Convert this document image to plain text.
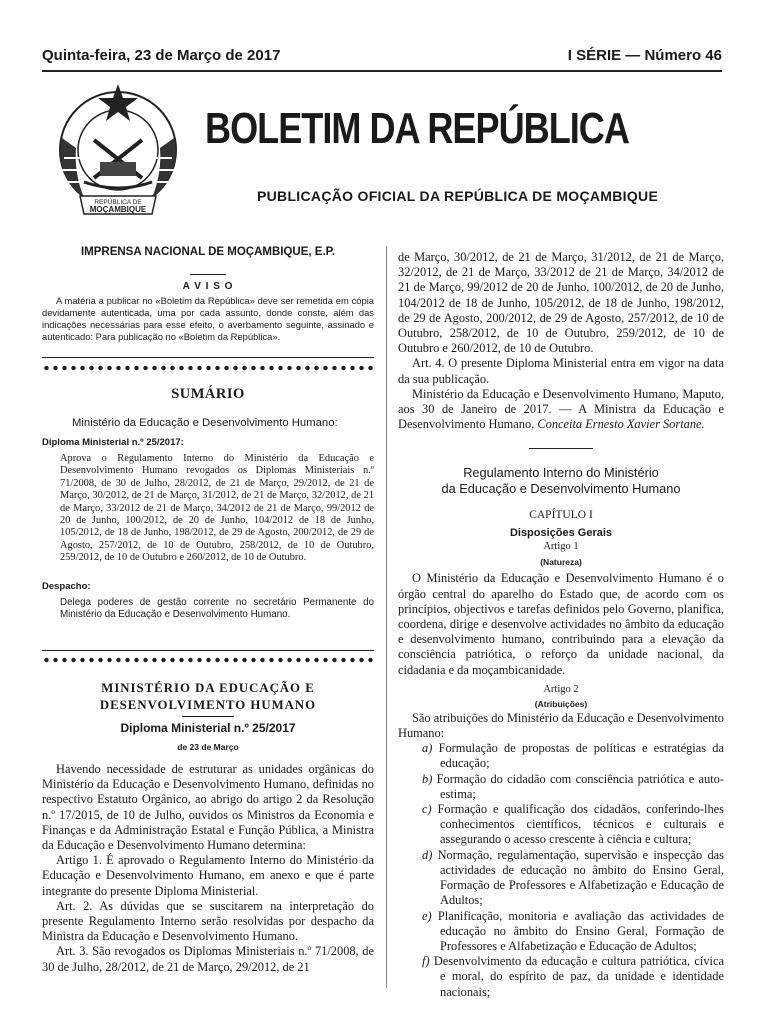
Quinta-feira, 23 de Março de 2017	I SÉRIE — Número 46
REPÚBLICA DE
MOÇAMBIQUE
BOLETIM DA REPÚBLICA
PUBLICAÇÃO OFICIAL DA REPÚBLICA DE MOÇAMBIQUE
IMPRENSA NACIONAL DE MOÇAMBIQUE, E.P.
A V I S O

A matéria a publicar no «Boletim da República» deve ser remetida em cópia devidamente autenticada, uma por cada assunto, donde conste, além das indicações necessárias para esse efeito, o averbamento seguinte, assinado e autenticado: Para publicação no «Boletim da República».

SUMÁRIO
Ministério da Educação e Desenvolvimento Humano:
Diploma Ministerial n.º 25/2017:

Aprova o Regulamento Interno do Ministério da Educação e Desenvolvimento Humano revogados os Diplomas Ministeriais n.º 71/2008, de 30 de Julho, 28/2012, de 21 de Março, 29/2012, de 21 de Março, 30/2012, de 21 de Março, 31/2012, de 21 de Março, 32/2012, de 21 de Março, 33/2012 de 21 de Março, 34/2012 de 21 de Março, 99/2012 de 20 de Junho, 100/2012, de 20 de Junho, 104/2012 de 18 de Junho, 105/2012, de 18 de Junho, 198/2012, de 29 de Agosto, 200/2012, de 29 de Agosto, 257/2012, de 10 de Outubro, 258/2012, de 10 de Outubro, 259/2012, de 10 de Outubro e 260/2012, de 10 de Outubro.

Despacho:

Delega poderes de gestão corrente no secretário Permanente do Ministério da Educação e Desenvolvimento Humano.

MINISTÉRIO DA EDUCAÇÃO E DESENVOLVIMENTO HUMANO
Diploma Ministerial n.º 25/2017
de 23 de Março

Havendo necessidade de estruturar as unidades orgânicas do Ministério da Educação e Desenvolvimento Humano, definidas no respectivo Estatuto Orgânico, ao abrigo do artigo 2 da Resolução n.º 17/2015, de 10 de Julho, ouvidos os Ministros da Economia e Finanças e da Administração Estatal e Função Pública, a Ministra da Educação e Desenvolvimento Humano determina:

Artigo 1. É aprovado o Regulamento Interno do Ministério da Educação e Desenvolvimento Humano, em anexo e que é parte integrante do presente Diploma Ministerial.

Art. 2. As dúvidas que se suscitarem na interpretação do presente Regulamento Interno serão resolvidas por despacho da Ministra da Educação e Desenvolvimento Humano.

Art. 3. São revogados os Diplomas Ministeriais n.º 71/2008, de 30 de Julho, 28/2012, de 21 de Março, 29/2012, de 21

de Março, 30/2012, de 21 de Março, 31/2012, de 21 de Março, 32/2012, de 21 de Março, 33/2012 de 21 de Março, 34/2012 de 21 de Março, 99/2012 de 20 de Junho, 100/2012, de 20 de Junho, 104/2012 de 18 de Junho, 105/2012, de 18 de Junho, 198/2012, de 29 de Agosto, 200/2012, de 29 de Agosto, 257/2012, de 10 de Outubro, 258/2012, de 10 de Outubro, 259/2012, de 10 de Outubro e 260/2012, de 10 de Outubro.

Art. 4. O presente Diploma Ministerial entra em vigor na data da sua publicação.

Ministério da Educação e Desenvolvimento Humano, Maputo, aos 30 de Janeiro de 2017. — A Ministra da Educação e Desenvolvimento Humano, Conceita Ernesto Xavier Sortane.

Regulamento Interno do Ministério
da Educação e Desenvolvimento Humano
CAPÍTULO I
Disposições Gerais
Artigo 1
(Natureza)

O Ministério da Educação e Desenvolvimento Humano é o órgão central do aparelho do Estado que, de acordo com os princípios, objectivos e tarefas definidos pelo Governo, planifica, coordena, dirige e desenvolve actividades no âmbito da educação e desenvolvimento humano, contribuindo para a elevação da consciência patriótica, o reforço da unidade nacional, da cidadania e da moçambicanidade.

Artigo 2
(Atribuições)

São atribuições do Ministério da Educação e Desenvolvimento Humano:

a) Formulação de propostas de políticas e estratégias da educação;

b) Formação do cidadão com consciência patriótica e auto-estima;

c) Formação e qualificação dos cidadãos, conferindo-lhes conhecimentos científicos, técnicos e culturais e assegurando o acesso crescente à ciência e cultura;

d) Normação, regulamentação, supervisão e inspecção das actividades de educação no âmbito do Ensino Geral, Formação de Professores e Alfabetização e Educação de Adultos;

e) Planificação, monitoria e avaliação das actividades de educação no âmbito do Ensino Geral, Formação de Professores e Alfabetização e Educação de Adultos;

f) Desenvolvimento da educação e cultura patriótica, cívica e moral, do espírito de paz, da unidade e identidade nacionais;
